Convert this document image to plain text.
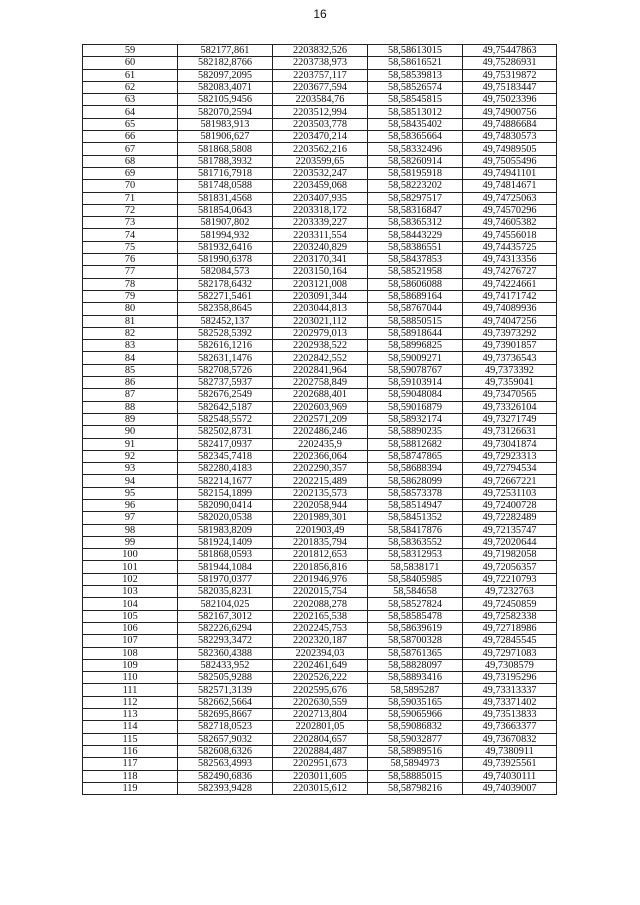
16
59	582177,861	2203832,526	58,58613015	49,75447863
60	582182,8766	2203738,973	58,58616521	49,75286931
61	582097,2095	2203757,117	58,58539813	49,75319872
62	582083,4071	2203677,594	58,58526574	49,75183447
63	582105,9456	2203584,76	58,58545815	49,75023396
64	582070,2594	2203512,994	58,58513012	49,74900756
65	581983,913	2203503,778	58,58435402	49,74886684
66	581906,627	2203470,214	58,58365664	49,74830573
67	581868,5808	2203562,216	58,58332496	49,74989505
68	581788,3932	2203599,65	58,58260914	49,75055496
69	581716,7918	2203532,247	58,58195918	49,74941101
70	581748,0588	2203459,068	58,58223202	49,74814671
71	581831,4568	2203407,935	58,58297517	49,74725063
72	581854,0643	2203318,172	58,58316847	49,74570296
73	581907,802	2203339,227	58,58365312	49,74605382
74	581994,932	2203311,554	58,58443229	49,74556018
75	581932,6416	2203240,829	58,58386551	49,74435725
76	581990,6378	2203170,341	58,58437853	49,74313356
77	582084,573	2203150,164	58,58521958	49,74276727
78	582178,6432	2203121,008	58,58606088	49,74224661
79	582271,5461	2203091,344	58,58689164	49,74171742
80	582358,8645	2203044,813	58,58767044	49,74089936
81	582452,137	2203021,112	58,58850515	49,74047256
82	582528,5392	2202979,013	58,58918644	49,73973292
83	582616,1216	2202938,522	58,58996825	49,73901857
84	582631,1476	2202842,552	58,59009271	49,73736543
85	582708,5726	2202841,964	58,59078767	49,7373392
86	582737,5937	2202758,849	58,59103914	49,7359041
87	582676,2549	2202688,401	58,59048084	49,73470565
88	582642,5187	2202603,969	58,59016879	49,73326104
89	582548,5572	2202571,209	58,58932174	49,73271749
90	582502,8731	2202486,246	58,58890235	49,73126631
91	582417,0937	2202435,9	58,58812682	49,73041874
92	582345,7418	2202366,064	58,58747865	49,72923313
93	582280,4183	2202290,357	58,58688394	49,72794534
94	582214,1677	2202215,489	58,58628099	49,72667221
95	582154,1899	2202135,573	58,58573378	49,72531103
96	582090,0414	2202058,944	58,58514947	49,72400728
97	582020,0538	2201989,301	58,58451352	49,72282489
98	581983,8209	2201903,49	58,58417876	49,72135747
99	581924,1409	2201835,794	58,58363552	49,72020644
100	581868,0593	2201812,653	58,58312953	49,71982058
101	581944,1084	2201856,816	58,5838171	49,72056357
102	581970,0377	2201946,976	58,58405985	49,72210793
103	582035,8231	2202015,754	58,584658	49,7232763
104	582104,025	2202088,278	58,58527824	49,72450859
105	582167,3012	2202165,538	58,58585478	49,72582338
106	582226,6294	2202245,753	58,58639619	49,72718986
107	582293,3472	2202320,187	58,58700328	49,72845545
108	582360,4388	2202394,03	58,58761365	49,72971083
109	582433,952	2202461,649	58,58828097	49,7308579
110	582505,9288	2202526,222	58,58893416	49,73195296
111	582571,3139	2202595,676	58,5895287	49,73313337
112	582662,5664	2202630,559	58,59035165	49,73371402
113	582695,8667	2202713,804	58,59065966	49,73513833
114	582718,0523	2202801,05	58,59086832	49,73663377
115	582657,9032	2202804,657	58,59032877	49,73670832
116	582608,6326	2202884,487	58,58989516	49,7380911
117	582563,4993	2202951,673	58,5894973	49,73925561
118	582490,6836	2203011,605	58,58885015	49,74030111
119	582393,9428	2203015,612	58,58798216	49,74039007
